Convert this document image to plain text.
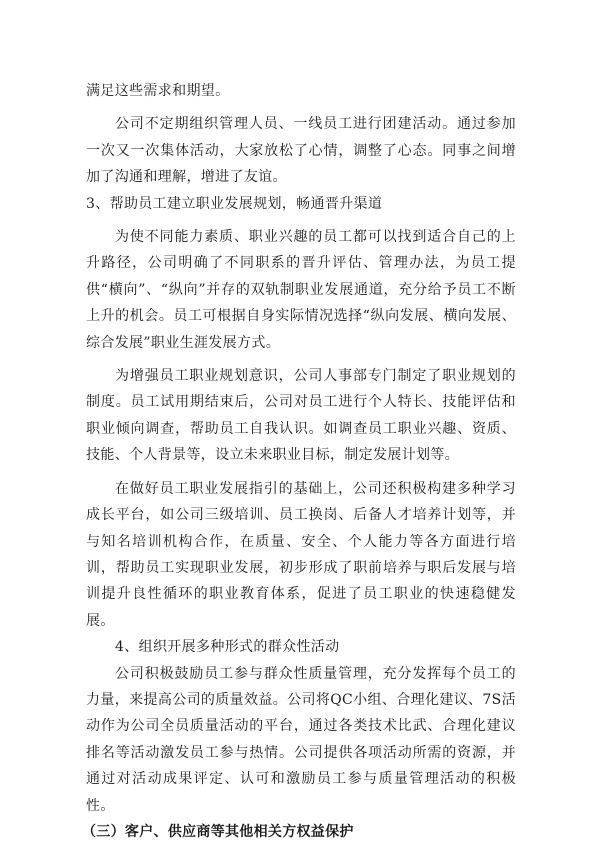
满足这些需求和期望。

公司不定期组织管理人员、一线员工进行团建活动。通过参加一次又一次集体活动，大家放松了心情，调整了心态。同事之间增加了沟通和理解，增进了友谊。

3、帮助员工建立职业发展规划，畅通晋升渠道

为使不同能力素质、职业兴趣的员工都可以找到适合自己的上升路径，公司明确了不同职系的晋升评估、管理办法，为员工提供“横向”、“纵向”并存的双轨制职业发展通道，充分给予员工不断上升的机会。员工可根据自身实际情况选择“纵向发展、横向发展、综合发展”职业生涯发展方式。

为增强员工职业规划意识，公司人事部专门制定了职业规划的制度。员工试用期结束后，公司对员工进行个人特长、技能评估和职业倾向调查，帮助员工自我认识。如调查员工职业兴趣、资质、技能、个人背景等，设立未来职业目标，制定发展计划等。

在做好员工职业发展指引的基础上，公司还积极构建多种学习成长平台，如公司三级培训、员工换岗、后备人才培养计划等，并与知名培训机构合作，在质量、安全、个人能力等各方面进行培训，帮助员工实现职业发展，初步形成了职前培养与职后发展与培训提升良性循环的职业教育体系，促进了员工职业的快速稳健发展。

4、组织开展多种形式的群众性活动

公司积极鼓励员工参与群众性质量管理，充分发挥每个员工的力量，来提高公司的质量效益。公司将QC小组、合理化建议、7S活动作为公司全员质量活动的平台，通过各类技术比武、合理化建议排名等活动激发员工参与热情。公司提供各项活动所需的资源，并通过对活动成果评定、认可和激励员工参与质量管理活动的积极性。

（三）客户、供应商等其他相关方权益保护
